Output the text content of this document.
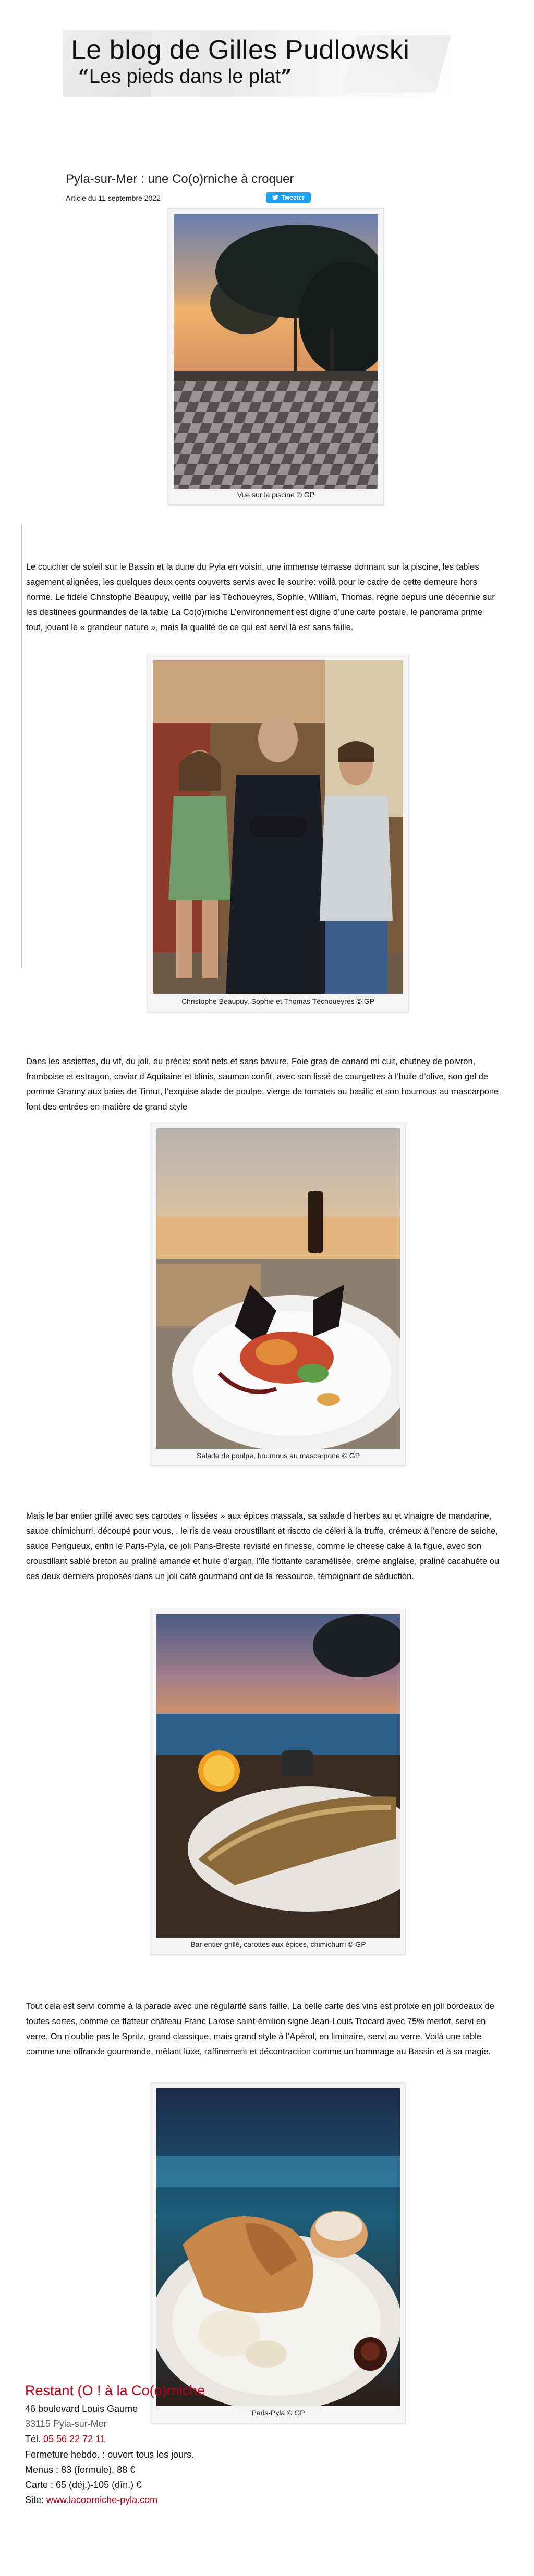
Le blog de Gilles Pudlowski
“Les pieds dans le plat”
Pyla-sur-Mer : une Co(o)rniche à croquer
Article du 11 septembre 2022	Tweeter
Vue sur la piscine © GP
Le coucher de soleil sur le Bassin et la dune du Pyla en voisin, une immense terrasse donnant sur la piscine, les tables sagement alignées, les quelques deux cents couverts servis avec le sourire: voilà pour le cadre de cette demeure hors norme. Le fidèle Christophe Beaupuy, veillé par les Téchoueyres, Sophie, William, Thomas, règne depuis une décennie sur les destinées gourmandes de la table La Co(o)rniche L’environnement est digne d’une carte postale, le panorama prime tout, jouant le « grandeur nature », mais la qualité de ce qui est servi là est sans faille.
Christophe Beaupuy, Sophie et Thomas Téchoueyres © GP
Dans les assiettes, du vif, du joli, du précis: sont nets et sans bavure. Foie gras de canard mi cuit, chutney de poivron, framboise et estragon, caviar d’Aquitaine et blinis, saumon confit, avec son lissé de courgettes à l’huile d’olive, son gel de pomme Granny aux baies de Timut, l’exquise alade de poulpe, vierge de tomates au basilic et son houmous au mascarpone font des entrées en matière de grand style
Salade de poulpe, houmous au mascarpone © GP
Mais le bar entier grillé avec ses carottes « lissées » aux épices massala, sa salade d’herbes au et vinaigre de mandarine, sauce chimichurri, découpé pour vous, , le ris de veau croustillant et risotto de céleri à la truffe, crémeux à l’encre de seiche, sauce Perigueux, enfin le Paris-Pyla, ce joli Paris-Breste revisité en finesse, comme le cheese cake à la figue, avec son croustillant sablé breton au praliné amande et huile d’argan, l’île flottante caramélisée, crème anglaise, praliné cacahuète ou ces deux derniers proposés dans un joli café gourmand ont de la ressource, témoignant de séduction.
Bar entier grillé, carottes aux épices, chimichurri © GP
Tout cela est servi comme à la parade avec une régularité sans faille. La belle carte des vins est prolixe en joli bordeaux de toutes sortes, comme ce flatteur château Franc Larose saint-émilion signé Jean-Louis Trocard avec 75% merlot, servi en verre. On n’oublie pas le Spritz, grand classique, mais grand style à l’Apérol, en liminaire, servi au verre. Voilà une table comme une offrande gourmande, mêlant luxe, raffinement et décontraction comme un hommage au Bassin et à sa magie.
Paris-Pyla © GP
Restant (O ! à la Co(o)rniche
46 boulevard Louis Gaume
33115 Pyla-sur-Mer
Tél. 05 56 22 72 11
Fermeture hebdo. : ouvert tous les jours.
Menus : 83 (formule), 88 €
Carte : 65 (déj.)-105 (dîn.) €
Site: www.lacoorniche-pyla.com
